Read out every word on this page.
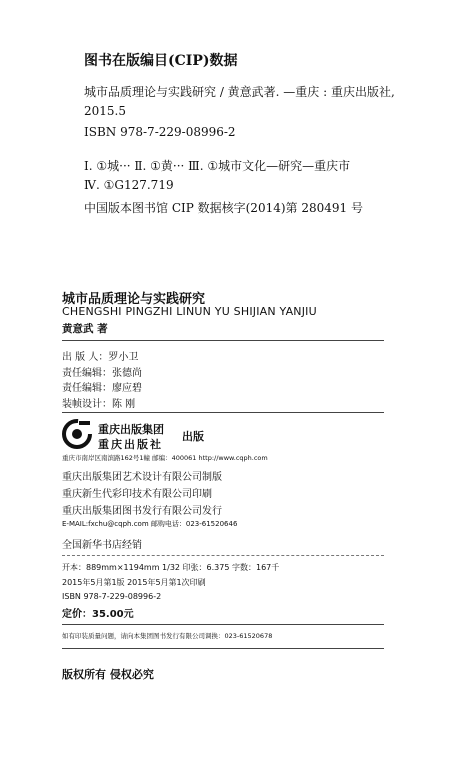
图书在版编目(CIP)数据
城市品质理论与实践研究 / 黄意武著. —重庆 : 重庆出版社,
2015.5
ISBN 978-7-229-08996-2
Ⅰ. ①城··· Ⅱ. ①黄··· Ⅲ. ①城市文化—研究—重庆市
Ⅳ. ①G127.719
中国版本图书馆 CIP 数据核字(2014)第 280491 号
城市品质理论与实践研究
CHENGSHI PINGZHI LINUN YU SHIJIAN YANJIU
黄意武 著
出 版 人：罗小卫
责任编辑：张德尚
责任编辑：廖应碧
装帧设计：陈 刚
重庆出版集团
重庆出版社
出版
重庆市南岸区南滨路162号1幢 邮编：400061 http://www.cqph.com
重庆出版集团艺术设计有限公司制版
重庆新生代彩印技术有限公司印刷
重庆出版集团图书发行有限公司发行
E-MAIL:fxchu@cqph.com 邮购电话：023-61520646
全国新华书店经销
开本：889mm×1194mm 1/32 印张：6.375 字数：167千
2015年5月第1版 2015年5月第1次印刷
ISBN 978-7-229-08996-2
定价：35.00元
如有印装质量问题，请向本集团图书发行有限公司调换：023-61520678
版权所有 侵权必究
